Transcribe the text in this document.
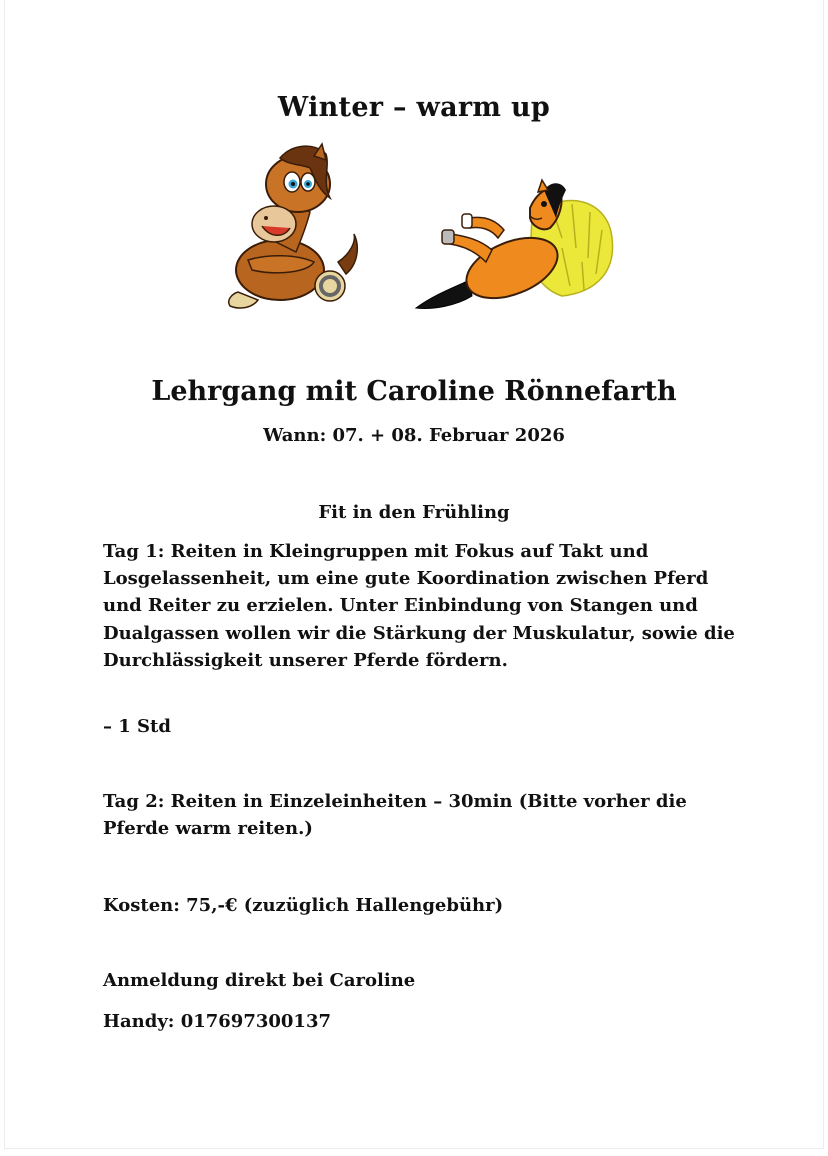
Winter – warm up
Lehrgang mit Caroline Rönnefarth
Wann: 07. + 08. Februar 2026
Fit in den Frühling

Tag 1: Reiten in Kleingruppen mit Fokus auf Takt und Losgelassenheit, um eine gute Koordination zwischen Pferd und Reiter zu erzielen. Unter Einbindung von Stangen und Dualgassen wollen wir die Stärkung der Muskulatur, sowie die Durchlässigkeit unserer Pferde fördern.

– 1 Std

Tag 2: Reiten in Einzeleinheiten – 30min (Bitte vorher die Pferde warm reiten.)

Kosten: 75,-€ (zuzüglich Hallengebühr)

Anmeldung direkt bei Caroline

Handy: 017697300137
